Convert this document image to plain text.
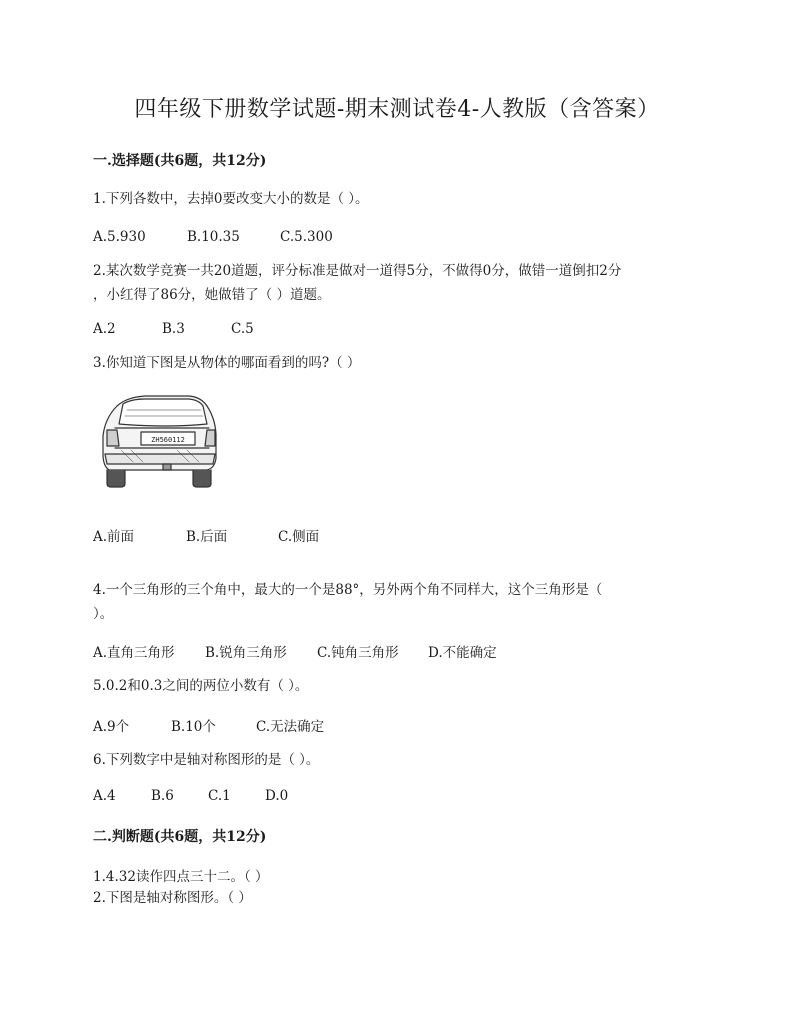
四年级下册数学试题-期末测试卷4-人教版（含答案）
一.选择题(共6题，共12分)
1.下列各数中，去掉0要改变大小的数是（ ）。
A.5.930	B.10.35	C.5.300
2.某次数学竞赛一共20道题，评分标准是做对一道得5分，不做得0分，做错一道倒扣2分
，小红得了86分，她做错了（ ）道题。
A.2	B.3	C.5
3.你知道下图是从物体的哪面看到的吗?（ ）
ZH560112
A.前面	B.后面	C.侧面
4.一个三角形的三个角中，最大的一个是88°，另外两个角不同样大，这个三角形是（
）。
A.直角三角形	B.锐角三角形	C.钝角三角形	D.不能确定
5.0.2和0.3之间的两位小数有（ ）。
A.9个	B.10个	C.无法确定
6.下列数字中是轴对称图形的是（ ）。
A.4	B.6	C.1	D.0
二.判断题(共6题，共12分)
1.4.32读作四点三十二。（ ）
2.下图是轴对称图形。（ ）
